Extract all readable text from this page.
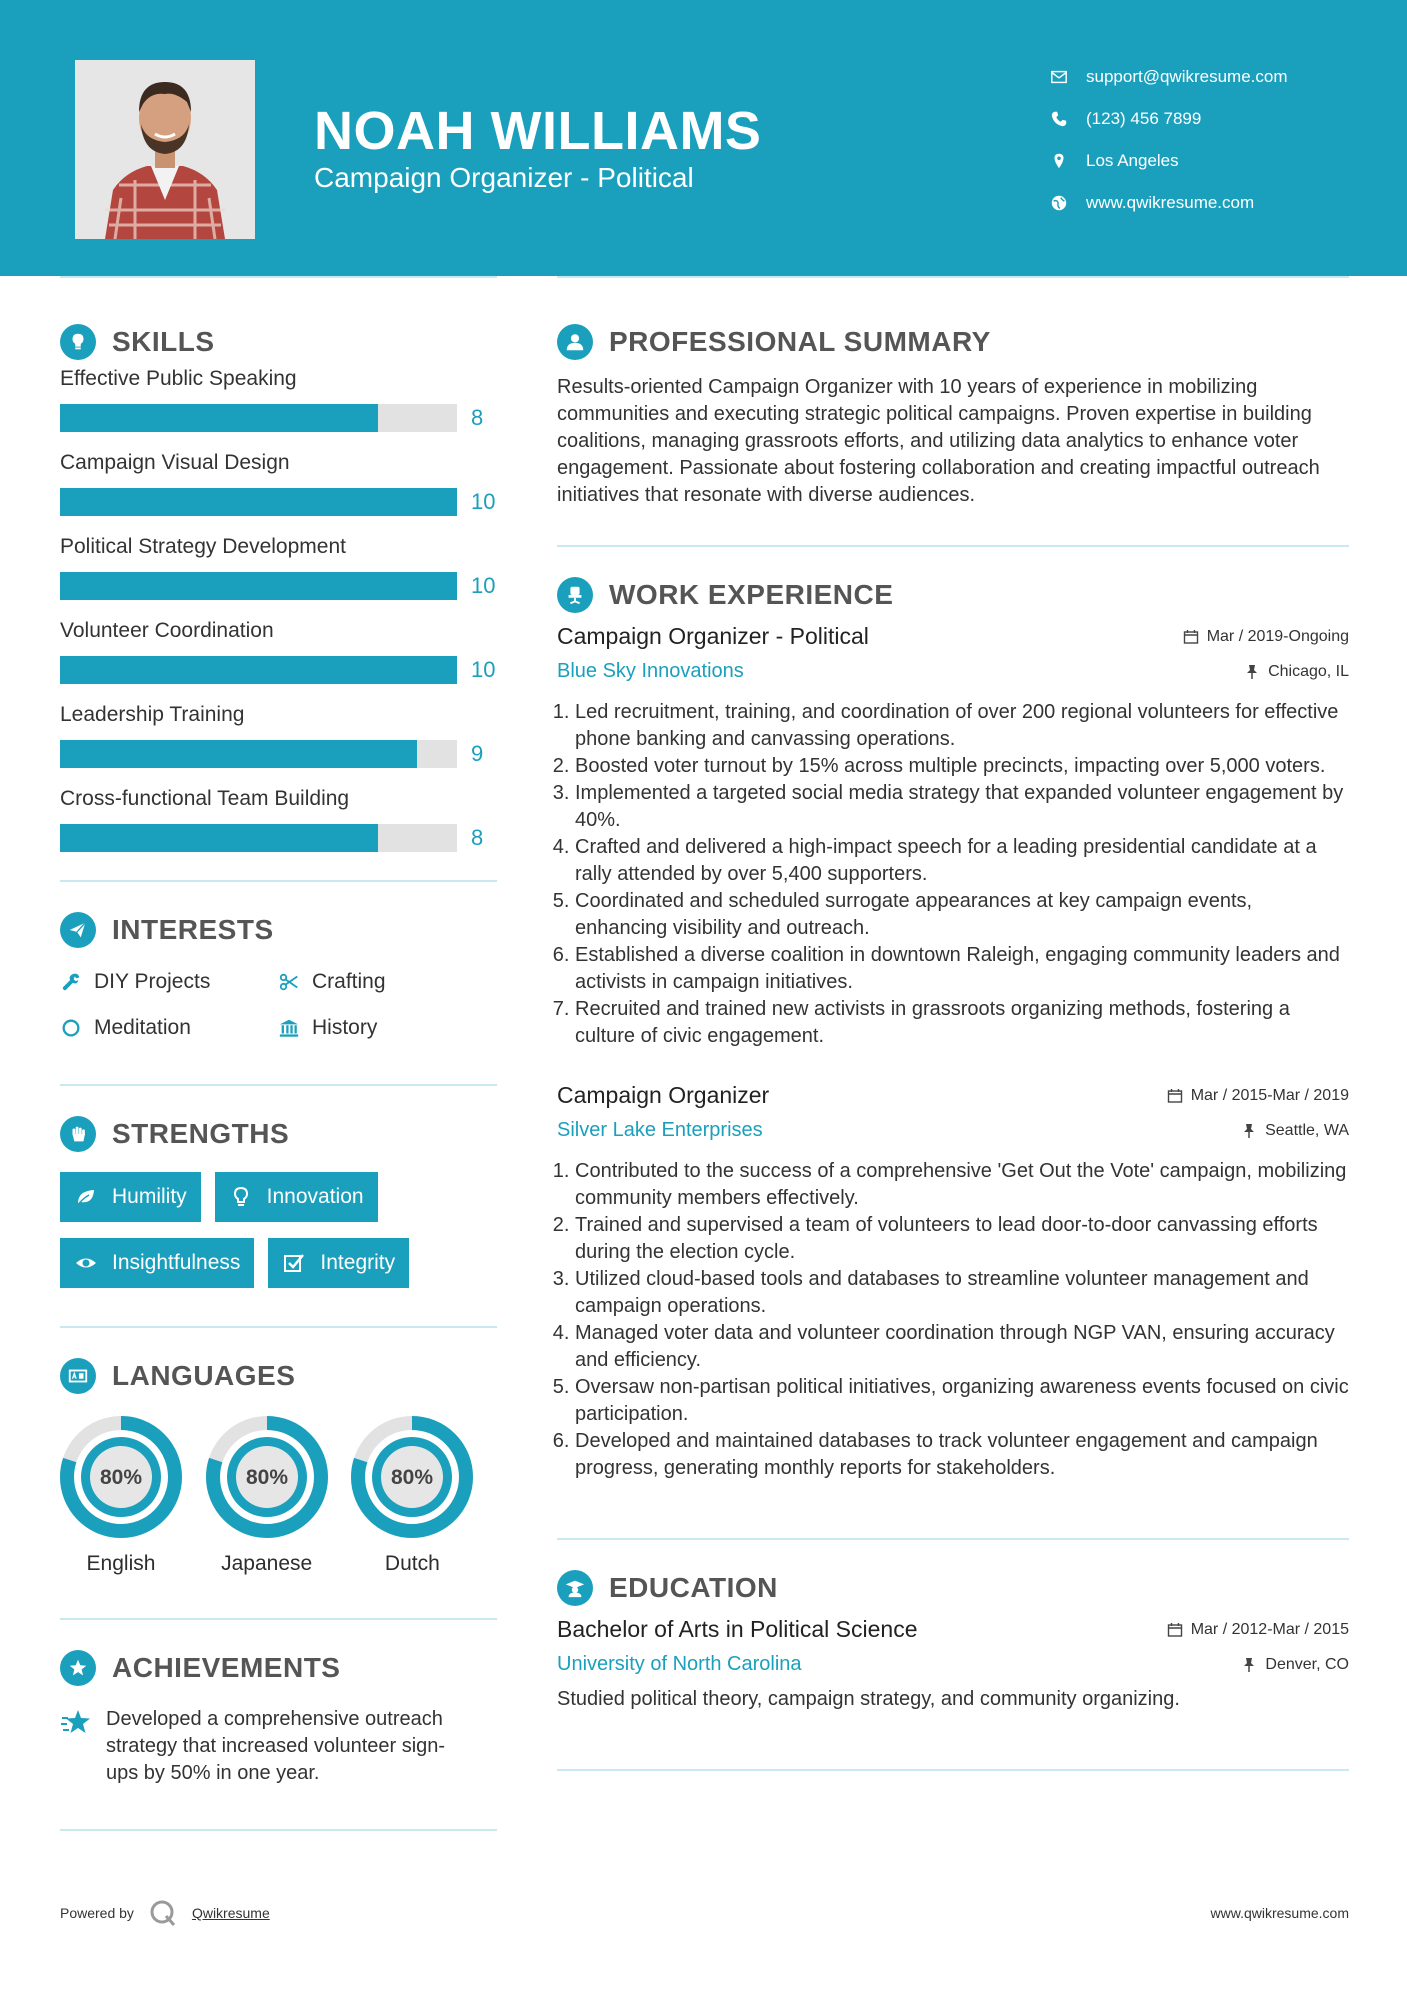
NOAH WILLIAMS
Campaign Organizer - Political
support@qwikresume.com
(123) 456 7899
Los Angeles
www.qwikresume.com
SKILLS
Effective Public Speaking
8
Campaign Visual Design
10
Political Strategy Development
10
Volunteer Coordination
10
Leadership Training
9
Cross-functional Team Building
8
INTERESTS
DIY Projects	Crafting
Meditation	History
STRENGTHS
Humility	Innovation
Insightfulness	Integrity
LANGUAGES
80%
English
80%
Japanese
80%
Dutch
ACHIEVEMENTS
Developed a comprehensive outreach strategy that increased volunteer sign-ups by 50% in one year.
PROFESSIONAL SUMMARY
Results-oriented Campaign Organizer with 10 years of experience in mobilizing communities and executing strategic political campaigns. Proven expertise in building coalitions, managing grassroots efforts, and utilizing data analytics to enhance voter engagement. Passionate about fostering collaboration and creating impactful outreach initiatives that resonate with diverse audiences.
WORK EXPERIENCE
Campaign Organizer - Political	Mar / 2019-Ongoing
Blue Sky Innovations	Chicago, IL
1. Led recruitment, training, and coordination of over 200 regional volunteers for effective phone banking and canvassing operations.
2. Boosted voter turnout by 15% across multiple precincts, impacting over 5,000 voters.
3. Implemented a targeted social media strategy that expanded volunteer engagement by 40%.
4. Crafted and delivered a high-impact speech for a leading presidential candidate at a rally attended by over 5,400 supporters.
5. Coordinated and scheduled surrogate appearances at key campaign events, enhancing visibility and outreach.
6. Established a diverse coalition in downtown Raleigh, engaging community leaders and activists in campaign initiatives.
7. Recruited and trained new activists in grassroots organizing methods, fostering a culture of civic engagement.
Campaign Organizer	Mar / 2015-Mar / 2019
Silver Lake Enterprises	Seattle, WA
1. Contributed to the success of a comprehensive 'Get Out the Vote' campaign, mobilizing community members effectively.
2. Trained and supervised a team of volunteers to lead door-to-door canvassing efforts during the election cycle.
3. Utilized cloud-based tools and databases to streamline volunteer management and campaign operations.
4. Managed voter data and volunteer coordination through NGP VAN, ensuring accuracy and efficiency.
5. Oversaw non-partisan political initiatives, organizing awareness events focused on civic participation.
6. Developed and maintained databases to track volunteer engagement and campaign progress, generating monthly reports for stakeholders.
EDUCATION
Bachelor of Arts in Political Science	Mar / 2012-Mar / 2015
University of North Carolina	Denver, CO
Studied political theory, campaign strategy, and community organizing.
Powered by	Qwikresume	www.qwikresume.com
